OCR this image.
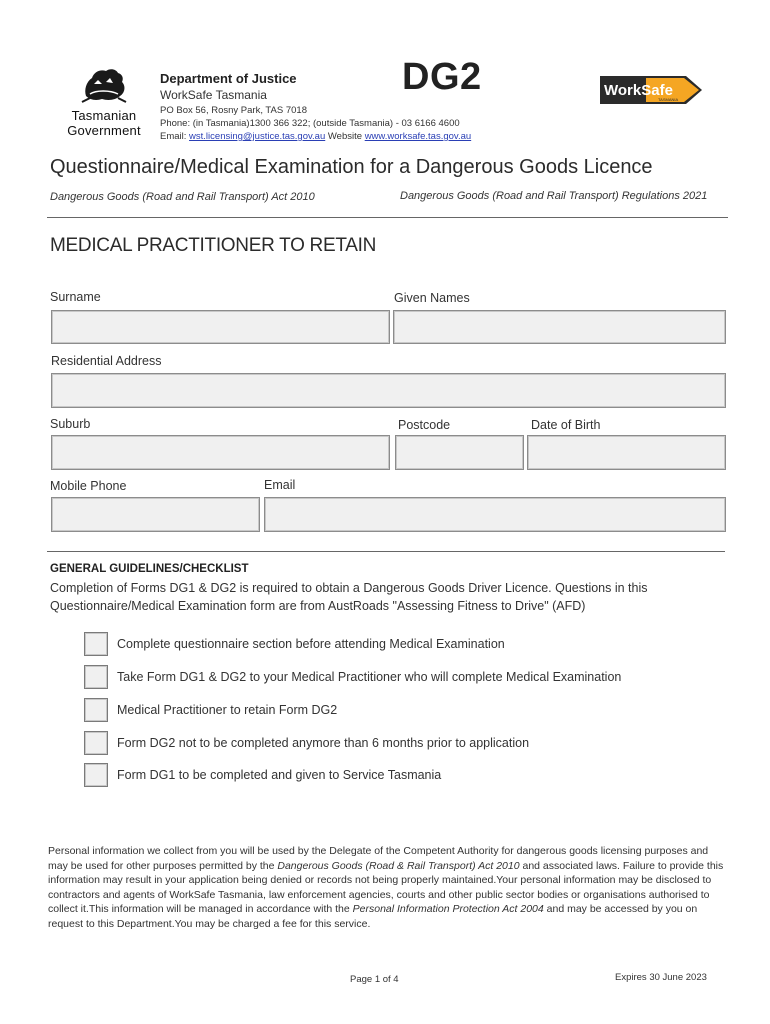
Tasmanian
Government
Department of Justice
WorkSafe Tasmania
PO Box 56, Rosny Park, TAS 7018
Phone: (in Tasmania)1300 366 322; (outside Tasmania) - 03 6166 4600
Email: wst.licensing@justice.tas.gov.au Website www.worksafe.tas.gov.au
DG2	WorkSafe
TASMANIA
Questionnaire/Medical Examination for a Dangerous Goods Licence
Dangerous Goods (Road and Rail Transport) Act 2010	Dangerous Goods (Road and Rail Transport) Regulations 2021
MEDICAL PRACTITIONER TO RETAIN
Surname	Given Names
Residential Address
Suburb	Postcode	Date of Birth
Mobile Phone	Email
GENERAL GUIDELINES/CHECKLIST
Completion of Forms DG1 & DG2 is required to obtain a Dangerous Goods Driver Licence. Questions in this Questionnaire/Medical Examination form are from AustRoads "Assessing Fitness to Drive" (AFD)
Complete questionnaire section before attending Medical Examination
Take Form DG1 & DG2 to your Medical Practitioner who will complete Medical Examination
Medical Practitioner to retain Form DG2
Form DG2 not to be completed anymore than 6 months prior to application
Form DG1 to be completed and given to Service Tasmania
Personal information we collect from you will be used by the Delegate of the Competent Authority for dangerous goods licensing purposes and may be used for other purposes permitted by the Dangerous Goods (Road & Rail Transport) Act 2010 and associated laws. Failure to provide this information may result in your application being denied or records not being properly maintained.Your personal information may be disclosed to contractors and agents of WorkSafe Tasmania, law enforcement agencies, courts and other public sector bodies or organisations authorised to collect it.This information will be managed in accordance with the Personal Information Protection Act 2004 and may be accessed by you on request to this Department.You may be charged a fee for this service.
Page 1 of 4	Expires 30 June 2023
